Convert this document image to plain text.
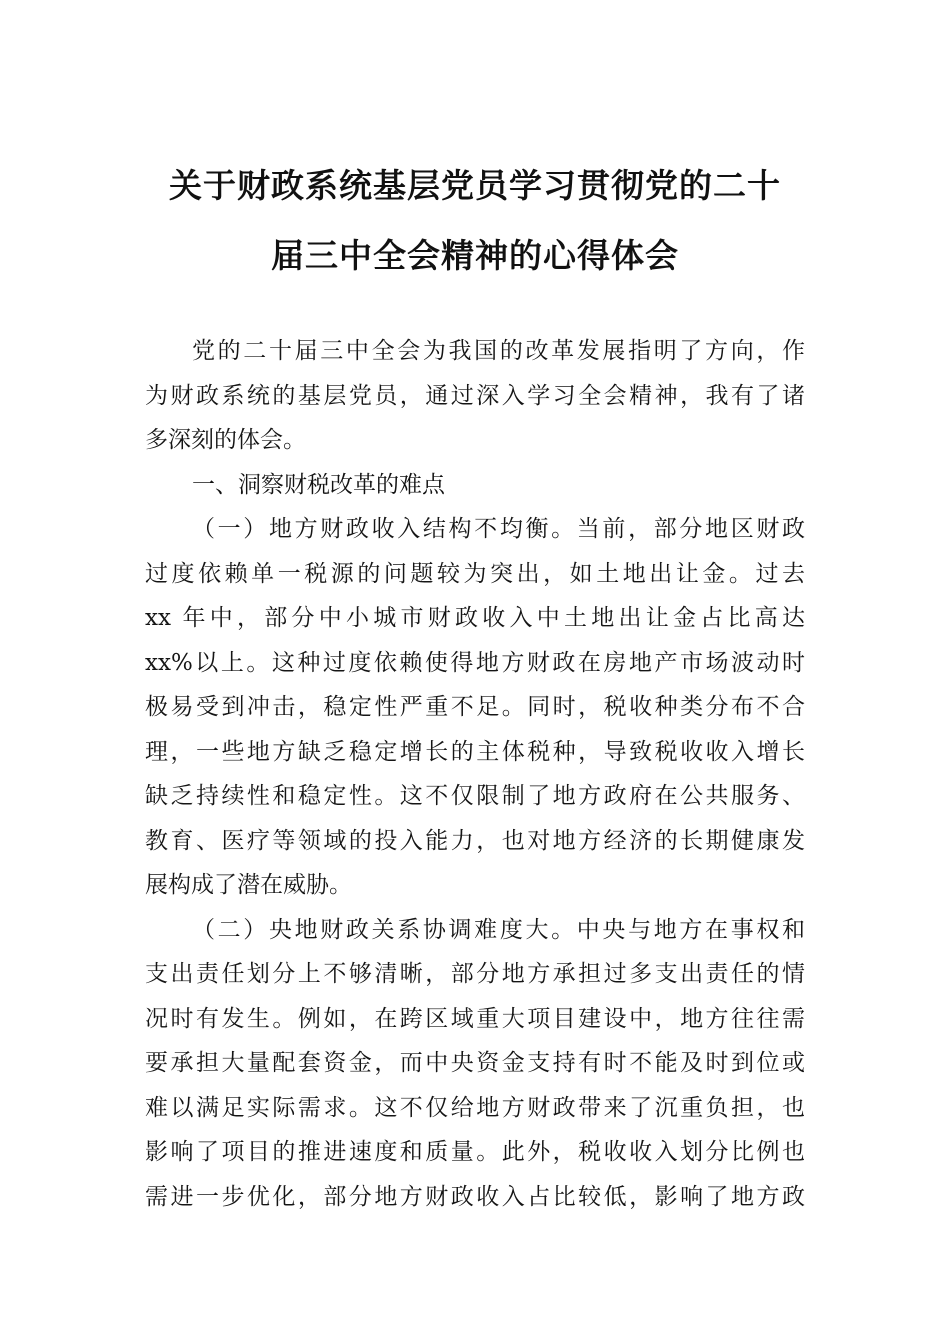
关于财政系统基层党员学习贯彻党的二十
届三中全会精神的心得体会
党的二十届三中全会为我国的改革发展指明了方向，作
为财政系统的基层党员，通过深入学习全会精神，我有了诸
多深刻的体会。
一、洞察财税改革的难点
（一）地方财政收入结构不均衡。当前，部分地区财政
过度依赖单一税源的问题较为突出，如土地出让金。过去
xx 年中，部分中小城市财政收入中土地出让金占比高达
xx%以上。这种过度依赖使得地方财政在房地产市场波动时
极易受到冲击，稳定性严重不足。同时，税收种类分布不合
理，一些地方缺乏稳定增长的主体税种，导致税收收入增长
缺乏持续性和稳定性。这不仅限制了地方政府在公共服务、
教育、医疗等领域的投入能力，也对地方经济的长期健康发
展构成了潜在威胁。
（二）央地财政关系协调难度大。中央与地方在事权和
支出责任划分上不够清晰，部分地方承担过多支出责任的情
况时有发生。例如，在跨区域重大项目建设中，地方往往需
要承担大量配套资金，而中央资金支持有时不能及时到位或
难以满足实际需求。这不仅给地方财政带来了沉重负担，也
影响了项目的推进速度和质量。此外，税收收入划分比例也
需进一步优化，部分地方财政收入占比较低，影响了地方政
